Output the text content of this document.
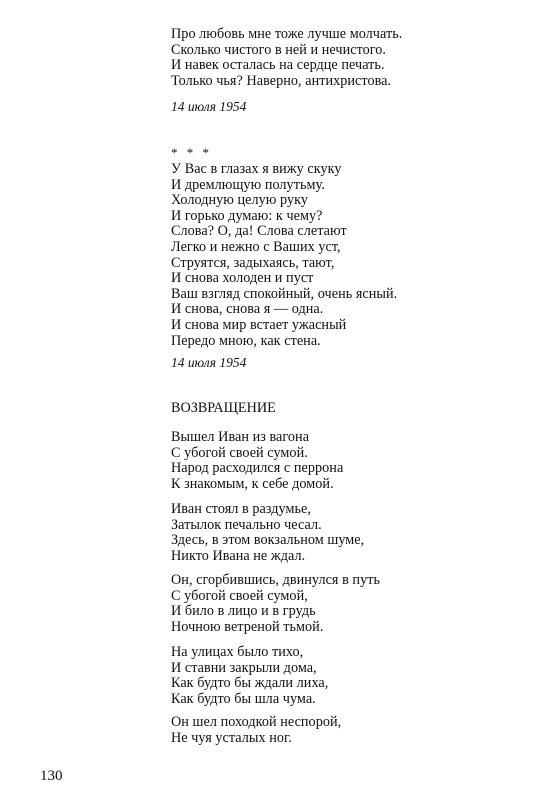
Про любовь мне тоже лучше молчать.
Сколько чистого в ней и нечистого.
И навек осталась на сердце печать.
Только чья? Наверно, антихристова.
14 июля 1954
* * *
У Вас в глазах я вижу скуку
И дремлющую полутьму.
Холодную целую руку
И горько думаю: к чему?
Слова? О, да! Слова слетают
Легко и нежно с Ваших уст,
Струятся, задыхаясь, тают,
И снова холоден и пуст
Ваш взгляд спокойный, очень ясный.
И снова, снова я — одна.
И снова мир встает ужасный
Передо мною, как стена.
14 июля 1954
ВОЗВРАЩЕНИЕ
Вышел Иван из вагона
С убогой своей сумой.
Народ расходился с перрона
К знакомым, к себе домой.
Иван стоял в раздумье,
Затылок печально чесал.
Здесь, в этом вокзальном шуме,
Никто Ивана не ждал.
Он, сгорбившись, двинулся в путь
С убогой своей сумой,
И било в лицо и в грудь
Ночною ветреной тьмой.
На улицах было тихо,
И ставни закрыли дома,
Как будто бы ждали лиха,
Как будто бы шла чума.
Он шел походкой неспорой,
Не чуя усталых ног.
130
